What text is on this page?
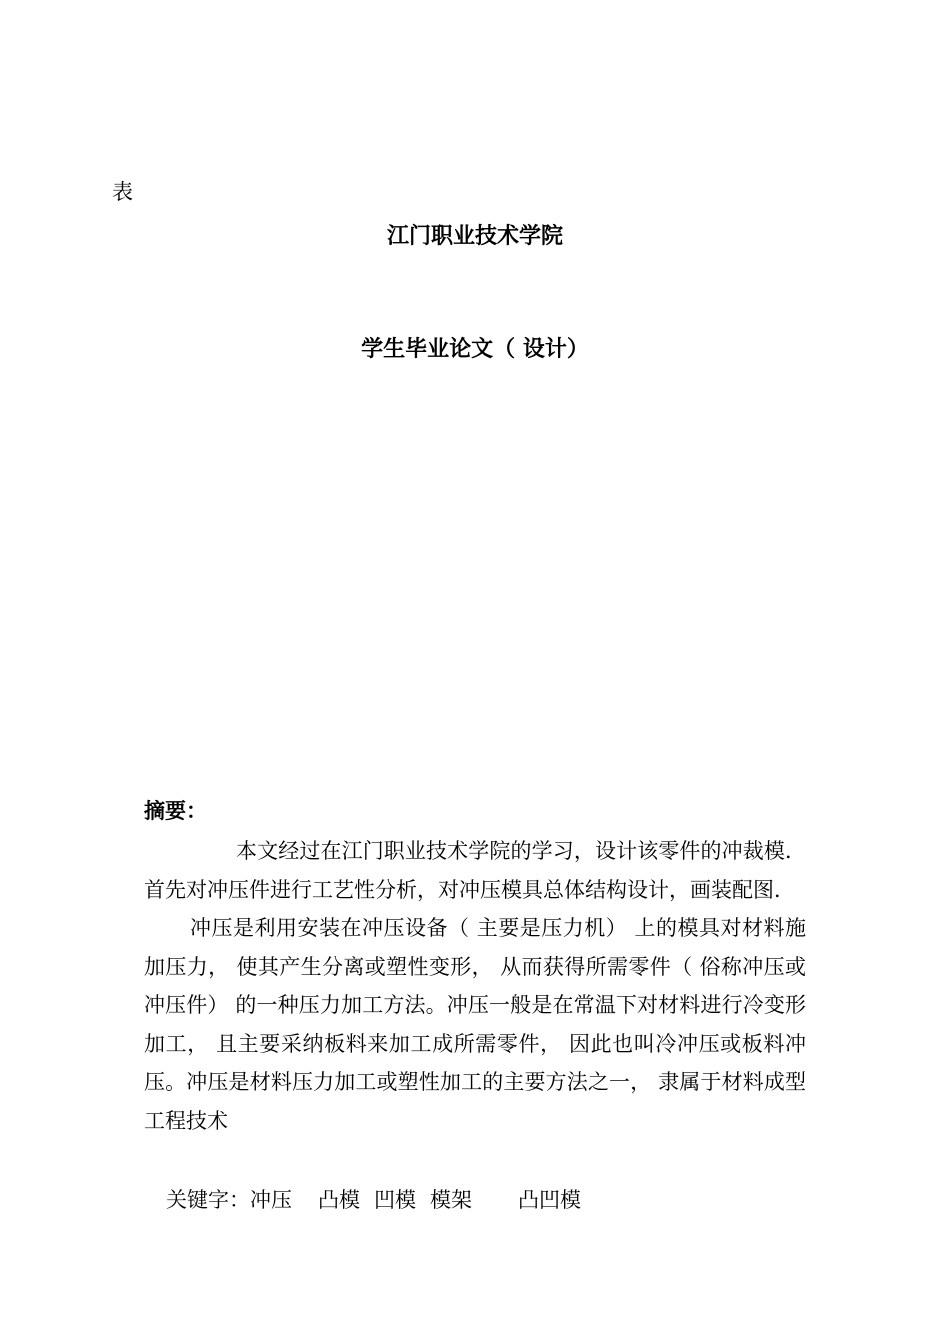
表
江门职业技术学院
学生毕业论文（ 设计）
摘要：

本文经过在江门职业技术学院的学习，设计该零件的冲裁模．首先对冲压件进行工艺性分析，对冲压模具总体结构设计，画装配图．

冲压是利用安装在冲压设备（ 主要是压力机） 上的模具对材料施加压力， 使其产生分离或塑性变形， 从而获得所需零件（ 俗称冲压或冲压件） 的一种压力加工方法。冲压一般是在常温下对材料进行冷变形加工， 且主要采纳板料来加工成所需零件， 因此也叫冷冲压或板料冲压。冲压是材料压力加工或塑性加工的主要方法之一， 隶属于材料成型工程技术

关键字：冲压 凸模 凹模 模架 凸凹模
